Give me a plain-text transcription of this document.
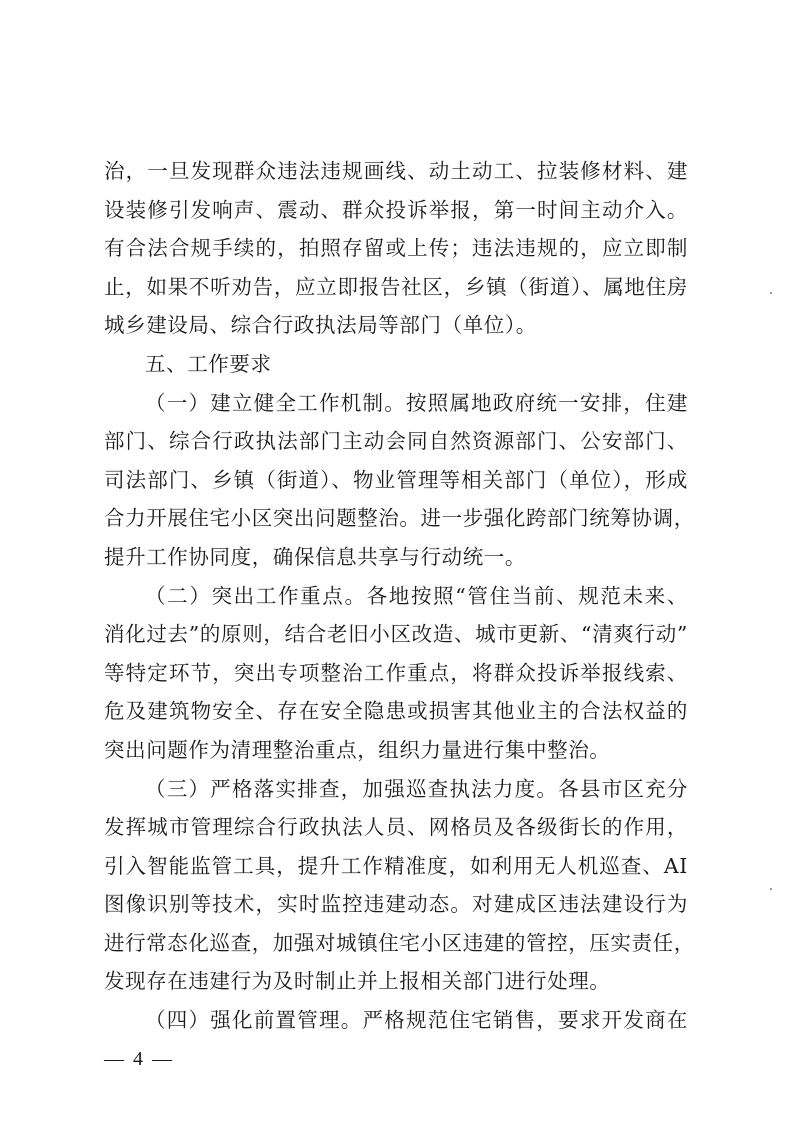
治，一旦发现群众违法违规画线、动土动工、拉装修材料、建
设装修引发响声、震动、群众投诉举报，第一时间主动介入。
有合法合规手续的，拍照存留或上传；违法违规的，应立即制
止，如果不听劝告，应立即报告社区，乡镇（街道）、属地住房
城乡建设局、综合行政执法局等部门（单位）。
五、工作要求
（一）建立健全工作机制。按照属地政府统一安排，住建
部门、综合行政执法部门主动会同自然资源部门、公安部门、
司法部门、乡镇（街道）、物业管理等相关部门（单位），形成
合力开展住宅小区突出问题整治。进一步强化跨部门统筹协调，
提升工作协同度，确保信息共享与行动统一。
（二）突出工作重点。各地按照“管住当前、规范未来、
消化过去”的原则，结合老旧小区改造、城市更新、“清爽行动”
等特定环节，突出专项整治工作重点，将群众投诉举报线索、
危及建筑物安全、存在安全隐患或损害其他业主的合法权益的
突出问题作为清理整治重点，组织力量进行集中整治。
（三）严格落实排查，加强巡查执法力度。各县市区充分
发挥城市管理综合行政执法人员、网格员及各级街长的作用，
引入智能监管工具，提升工作精准度，如利用无人机巡查、AI
图像识别等技术，实时监控违建动态。对建成区违法建设行为
进行常态化巡查，加强对城镇住宅小区违建的管控，压实责任，
发现存在违建行为及时制止并上报相关部门进行处理。
（四）强化前置管理。严格规范住宅销售，要求开发商在
— 4 —
